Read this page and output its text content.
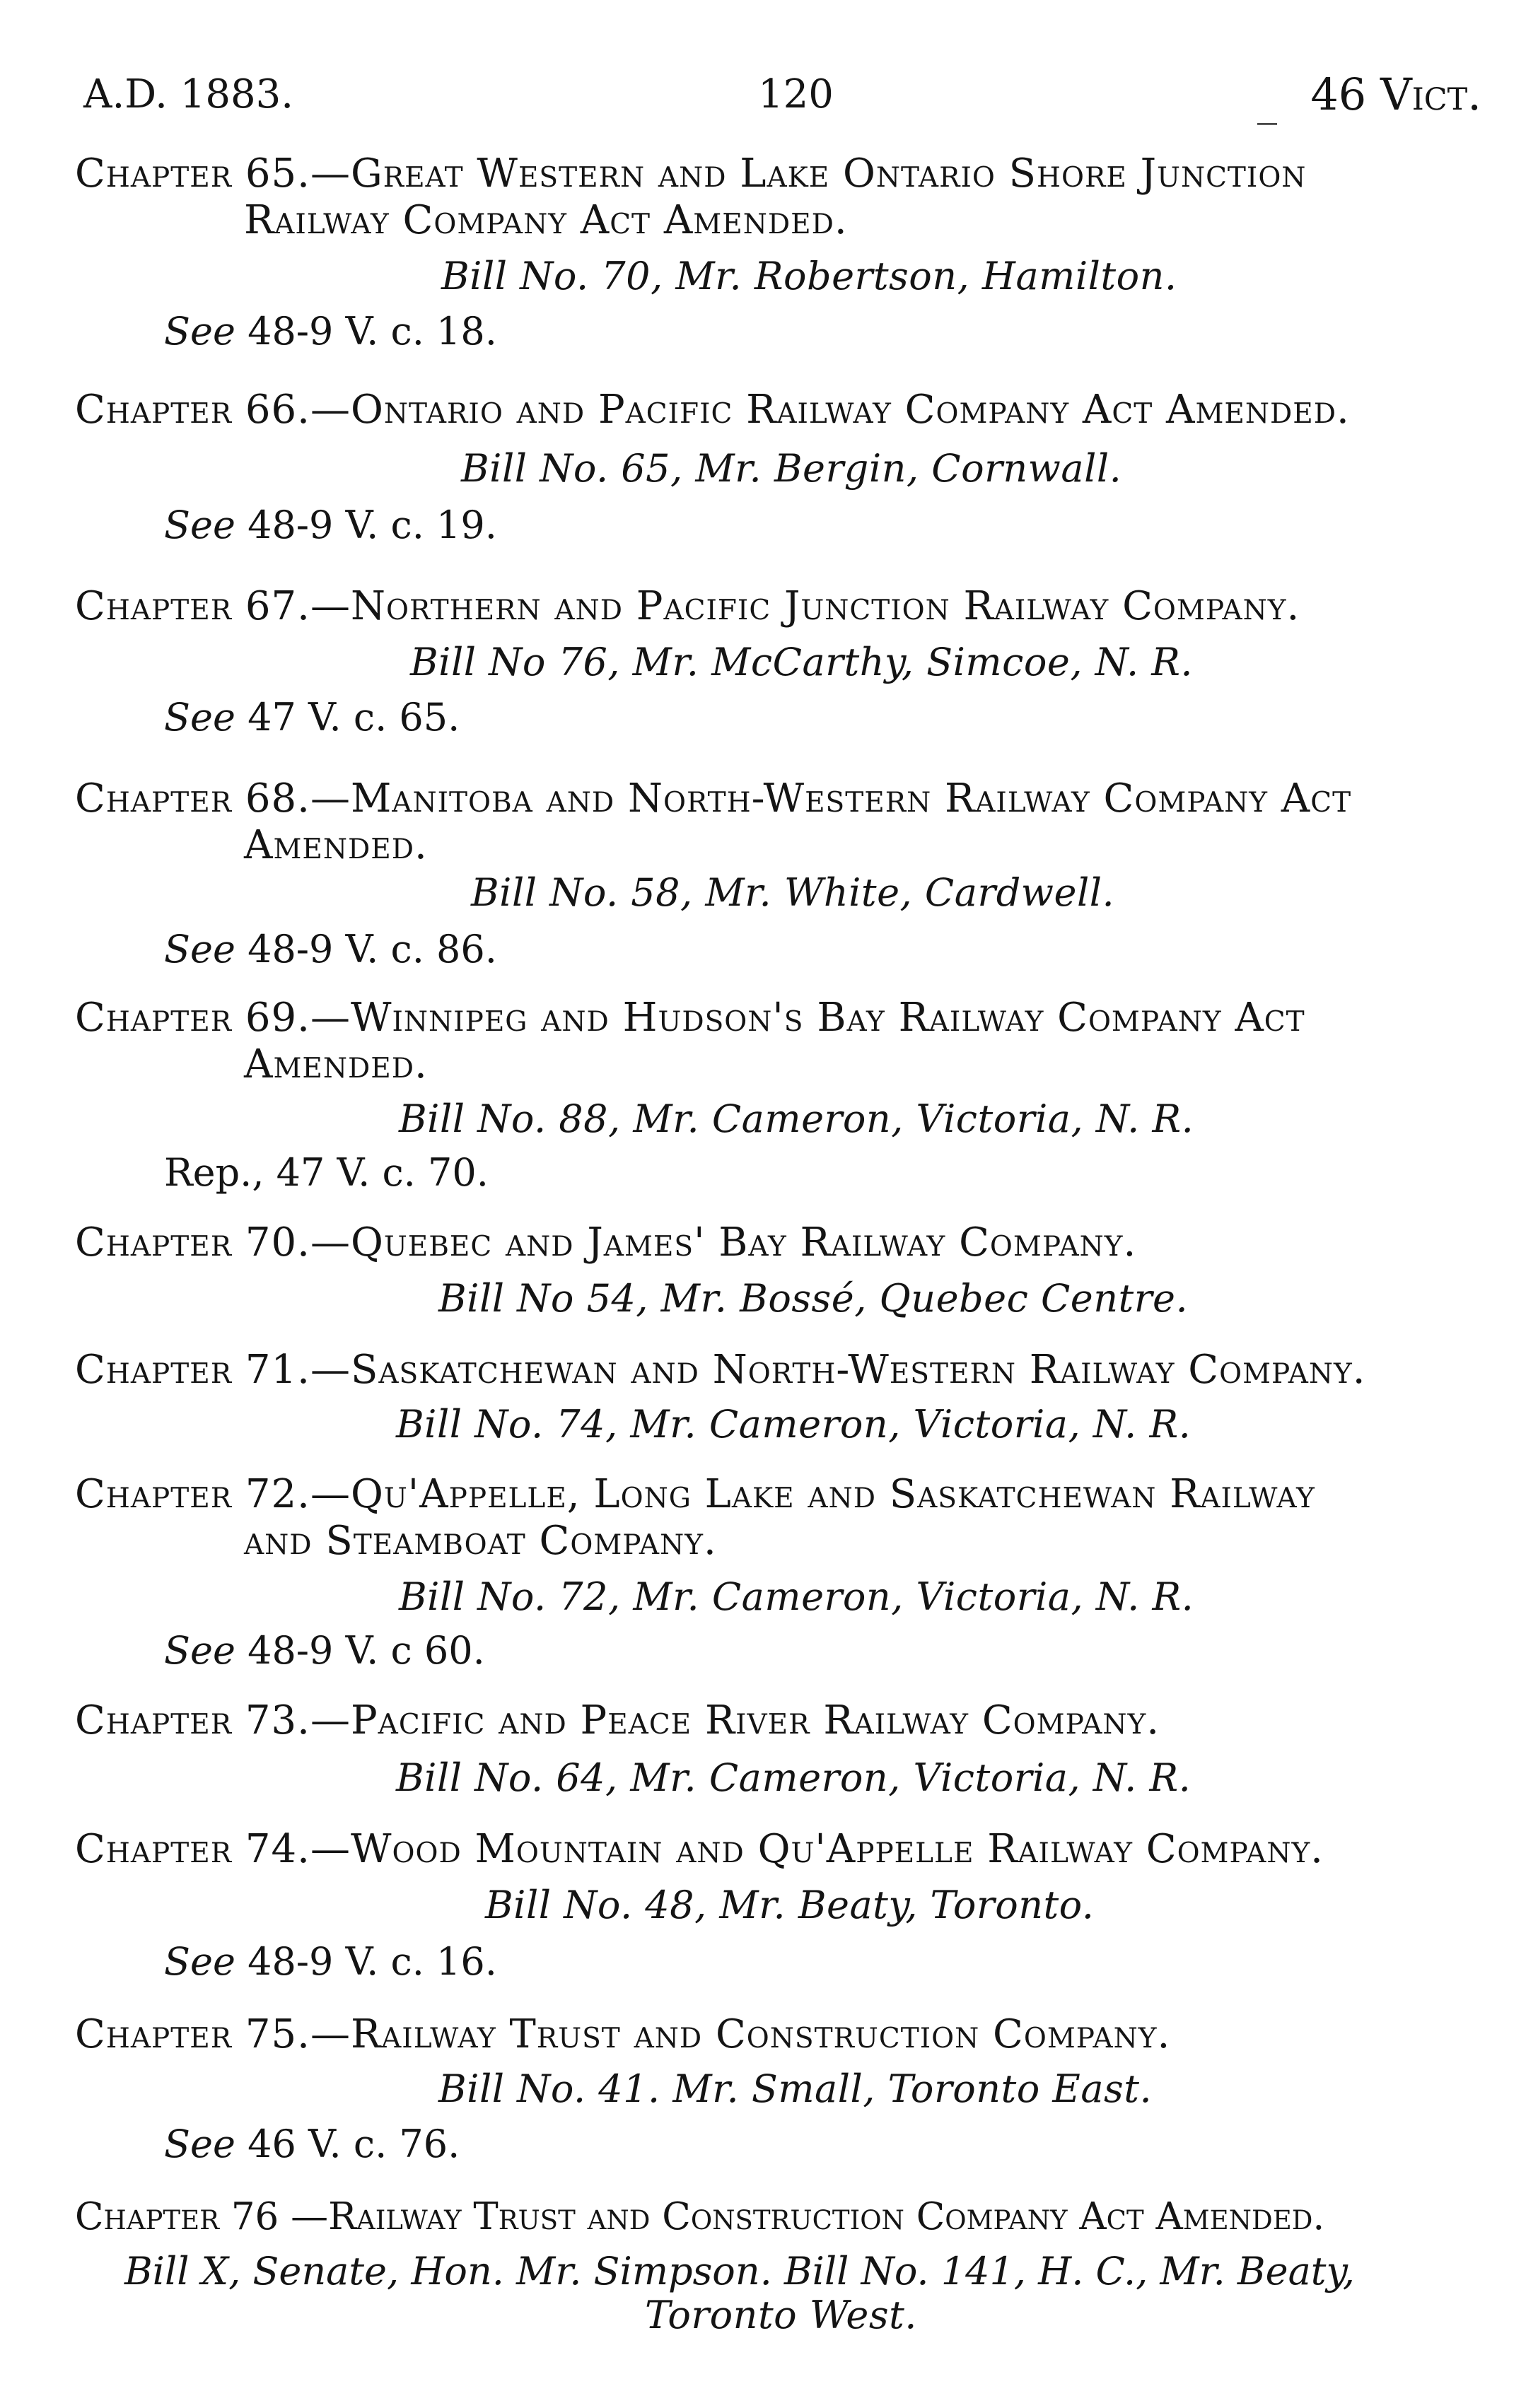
A.D. 1883.	120	_ 46 Vict.
Chapter 65.—Great Western and Lake Ontario Shore Junction
Railway Company Act Amended.
Bill No. 70, Mr. Robertson, Hamilton.
See 48-9 V. c. 18.
Chapter 66.—Ontario and Pacific Railway Company Act Amended.
Bill No. 65, Mr. Bergin, Cornwall.
See 48-9 V. c. 19.
Chapter 67.—Northern and Pacific Junction Railway Company.
Bill No 76, Mr. McCarthy, Simcoe, N. R.
See 47 V. c. 65.
Chapter 68.—Manitoba and North-Western Railway Company Act
Amended.
Bill No. 58, Mr. White, Cardwell.
See 48-9 V. c. 86.
Chapter 69.—Winnipeg and Hudson's Bay Railway Company Act
Amended.
Bill No. 88, Mr. Cameron, Victoria, N. R.
Rep., 47 V. c. 70.
Chapter 70.—Quebec and James' Bay Railway Company.
Bill No 54, Mr. Bossé, Quebec Centre.
Chapter 71.—Saskatchewan and North-Western Railway Company.
Bill No. 74, Mr. Cameron, Victoria, N. R.
Chapter 72.—Qu'Appelle, Long Lake and Saskatchewan Railway
and Steamboat Company.
Bill No. 72, Mr. Cameron, Victoria, N. R.
See 48-9 V. c 60.
Chapter 73.—Pacific and Peace River Railway Company.
Bill No. 64, Mr. Cameron, Victoria, N. R.
Chapter 74.—Wood Mountain and Qu'Appelle Railway Company.
Bill No. 48, Mr. Beaty, Toronto.
See 48-9 V. c. 16.
Chapter 75.—Railway Trust and Construction Company.
Bill No. 41. Mr. Small, Toronto East.
See 46 V. c. 76.
Chapter 76 —Railway Trust and Construction Company Act Amended.
Bill X, Senate, Hon. Mr. Simpson. Bill No. 141, H. C., Mr. Beaty,
Toronto West.
